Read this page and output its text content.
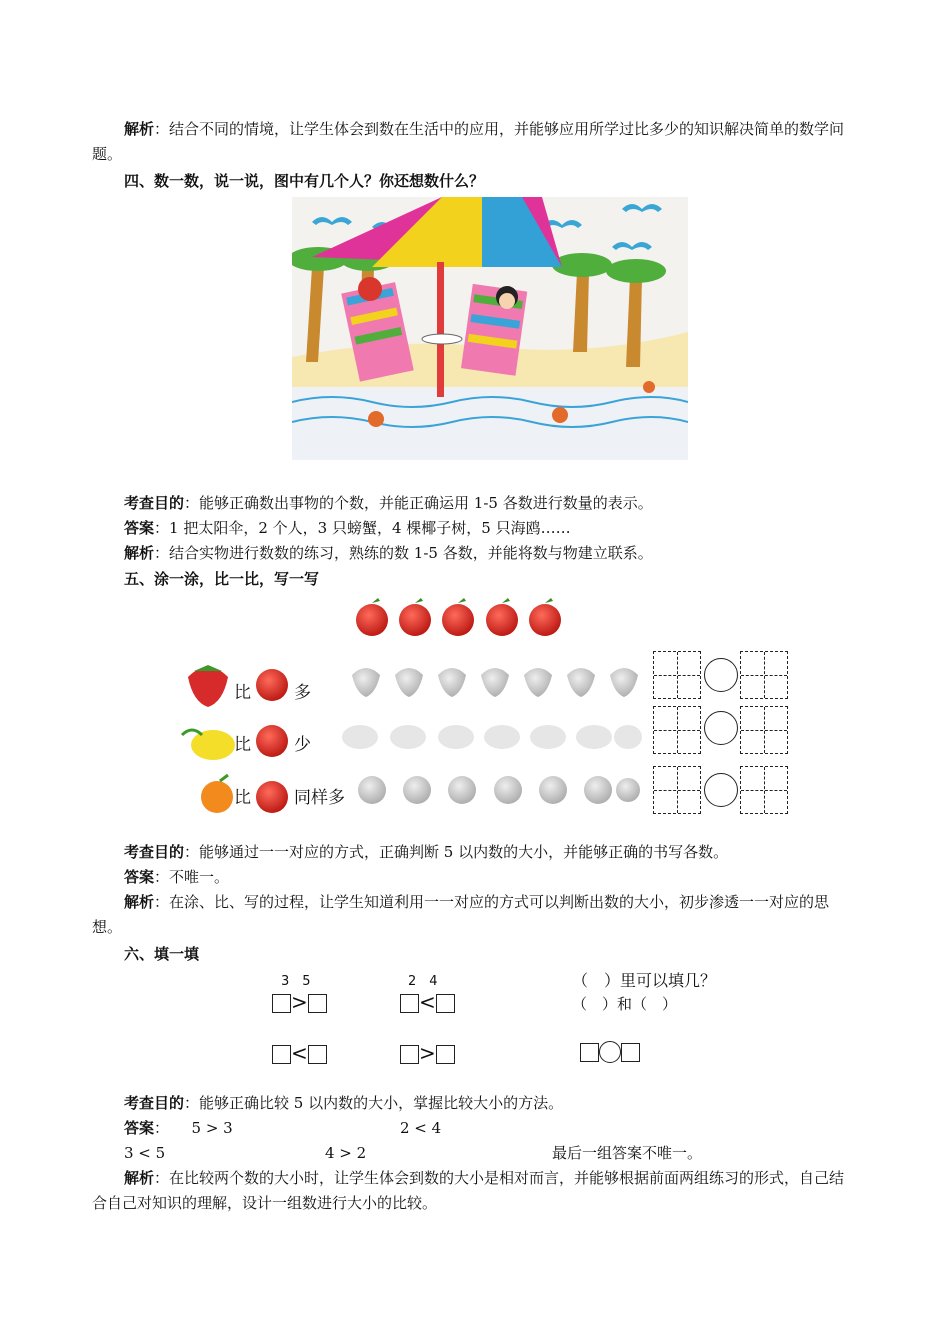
解析：结合不同的情境，让学生体会到数在生活中的应用，并能够应用所学过比多少的知识解决简单的数学问题。
四、数一数，说一说，图中有几个人？你还想数什么？
考查目的：能够正确数出事物的个数，并能正确运用 1-5 各数进行数量的表示。
答案：1 把太阳伞，2 个人，3 只螃蟹，4 棵椰子树，5 只海鸥……
解析：结合实物进行数数的练习，熟练的数 1-5 各数，并能将数与物建立联系。
五、涂一涂，比一比，写一写
比	多
比	少
比	同样多
考查目的：能够通过一一对应的方式，正确判断 5 以内数的大小，并能够正确的书写各数。
答案：不唯一。
解析：在涂、比、写的过程，让学生知道利用一一对应的方式可以判断出数的大小，初步渗透一一对应的思想。
六、填一填
3　5	2　4
>	<
<	>
（　）里可以填几？
（　）和（　）
考查目的：能够正确比较 5 以内数的大小，掌握比较大小的方法。
答案：　　5 > 3	2 < 4
3 < 5	4 > 2	最后一组答案不唯一。
解析：在比较两个数的大小时，让学生体会到数的大小是相对而言，并能够根据前面两组练习的形式，自己结合自己对知识的理解，设计一组数进行大小的比较。
